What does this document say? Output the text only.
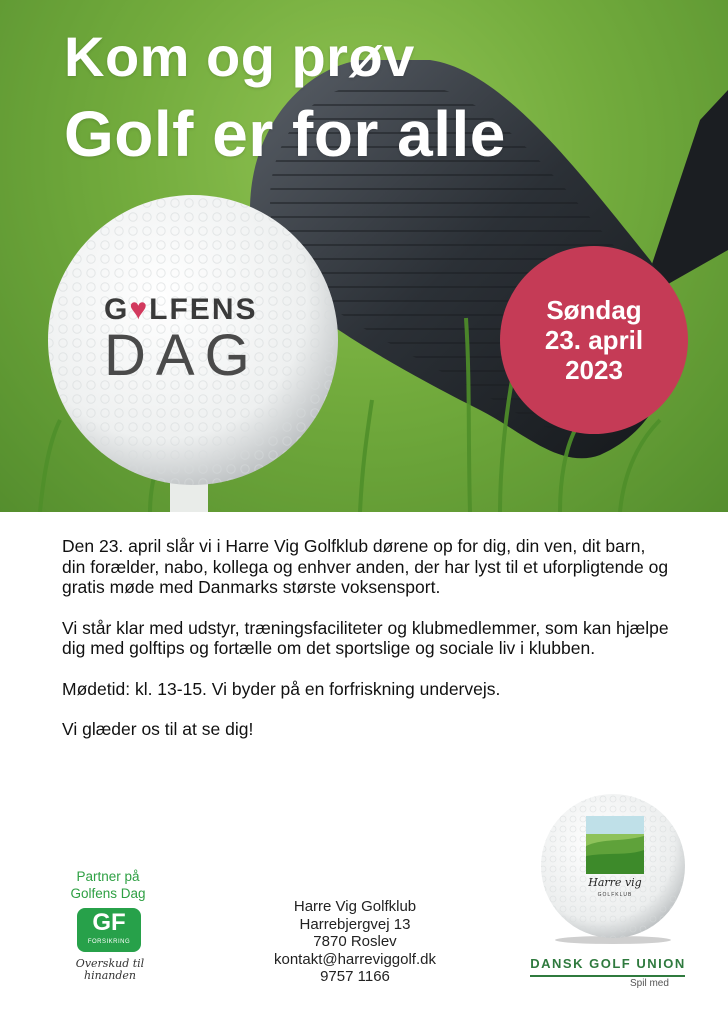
Kom og prøv
Golf er for alle
G♥LFENS
DAG
Søndag
23. april
2023

Den 23. april slår vi i Harre Vig Golfklub dørene op for dig, din ven, dit barn, din forælder, nabo, kollega og enhver anden, der har lyst til et uforpligtende og gratis møde med Danmarks største voksensport.

Vi står klar med udstyr, træningsfaciliteter og klubmedlemmer, som kan hjælpe dig med golftips og fortælle om det sportslige og sociale liv i klubben.

Mødetid: kl. 13-15. Vi byder på en forfriskning undervejs.

Vi glæder os til at se dig!

Partner på Golfens Dag
GF
FORSIKRING
Overskud til hinanden
Harre Vig Golfklub
Harrebjergvej 13
7870 Roslev
kontakt@harreviggolf.dk
9757 1166
Harre vig
GOLFKLUB
DANSK GOLF UNION
Spil med
